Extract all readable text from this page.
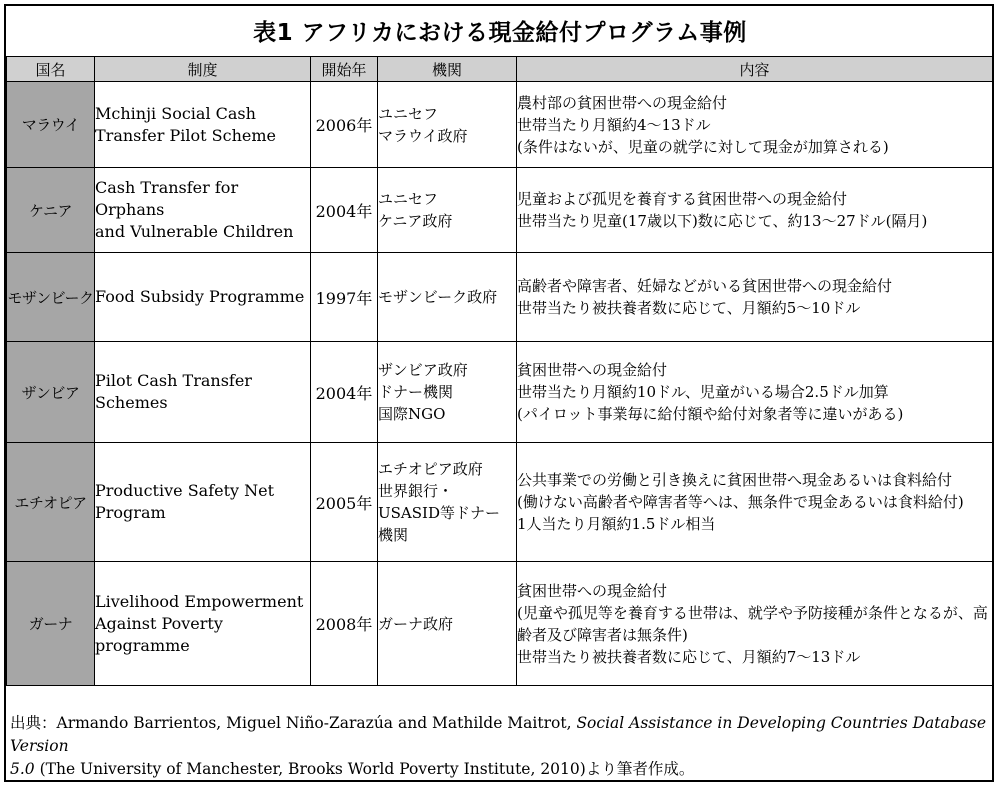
表1 アフリカにおける現金給付プログラム事例
国名	制度	開始年	機関	内容
マラウイ	Mchinji Social Cash
Transfer Pilot Scheme	2006年	ユニセフ
マラウイ政府	農村部の貧困世帯への現金給付
世帯当たり月額約4～13ドル
(条件はないが、児童の就学に対して現金が加算される)

ケニア	Cash Transfer for Orphans
and Vulnerable Children	2004年	ユニセフ
ケニア政府	児童および孤児を養育する貧困世帯への現金給付
世帯当たり児童(17歳以下)数に応じて、約13～27ドル(隔月)

モザンビーク	Food Subsidy Programme	1997年	モザンビーク政府	高齢者や障害者、妊婦などがいる貧困世帯への現金給付
世帯当たり被扶養者数に応じて、月額約5～10ドル

ザンビア	Pilot Cash Transfer
Schemes	2004年	ザンビア政府
ドナー機関
国際NGO	貧困世帯への現金給付
世帯当たり月額約10ドル、児童がいる場合2.5ドル加算
(パイロット事業毎に給付額や給付対象者等に違いがある)

エチオピア	Productive Safety Net
Program	2005年	エチオピア政府
世界銀行・
USASID等ドナー
機関	公共事業での労働と引き換えに貧困世帯へ現金あるいは食料給付
(働けない高齢者や障害者等へは、無条件で現金あるいは食料給付)
1人当たり月額約1.5ドル相当

ガーナ	Livelihood Empowerment
Against Poverty
programme	2008年	ガーナ政府	貧困世帯への現金給付
(児童や孤児等を養育する世帯は、就学や予防接種が条件となるが、高
齢者及び障害者は無条件)
世帯当たり被扶養者数に応じて、月額約7～13ドル
出典：Armando Barrientos, Miguel Niño-Zarazúa and Mathilde Maitrot, Social Assistance in Developing Countries Database Version
5.0 (The University of Manchester, Brooks World Poverty Institute, 2010)より筆者作成。
